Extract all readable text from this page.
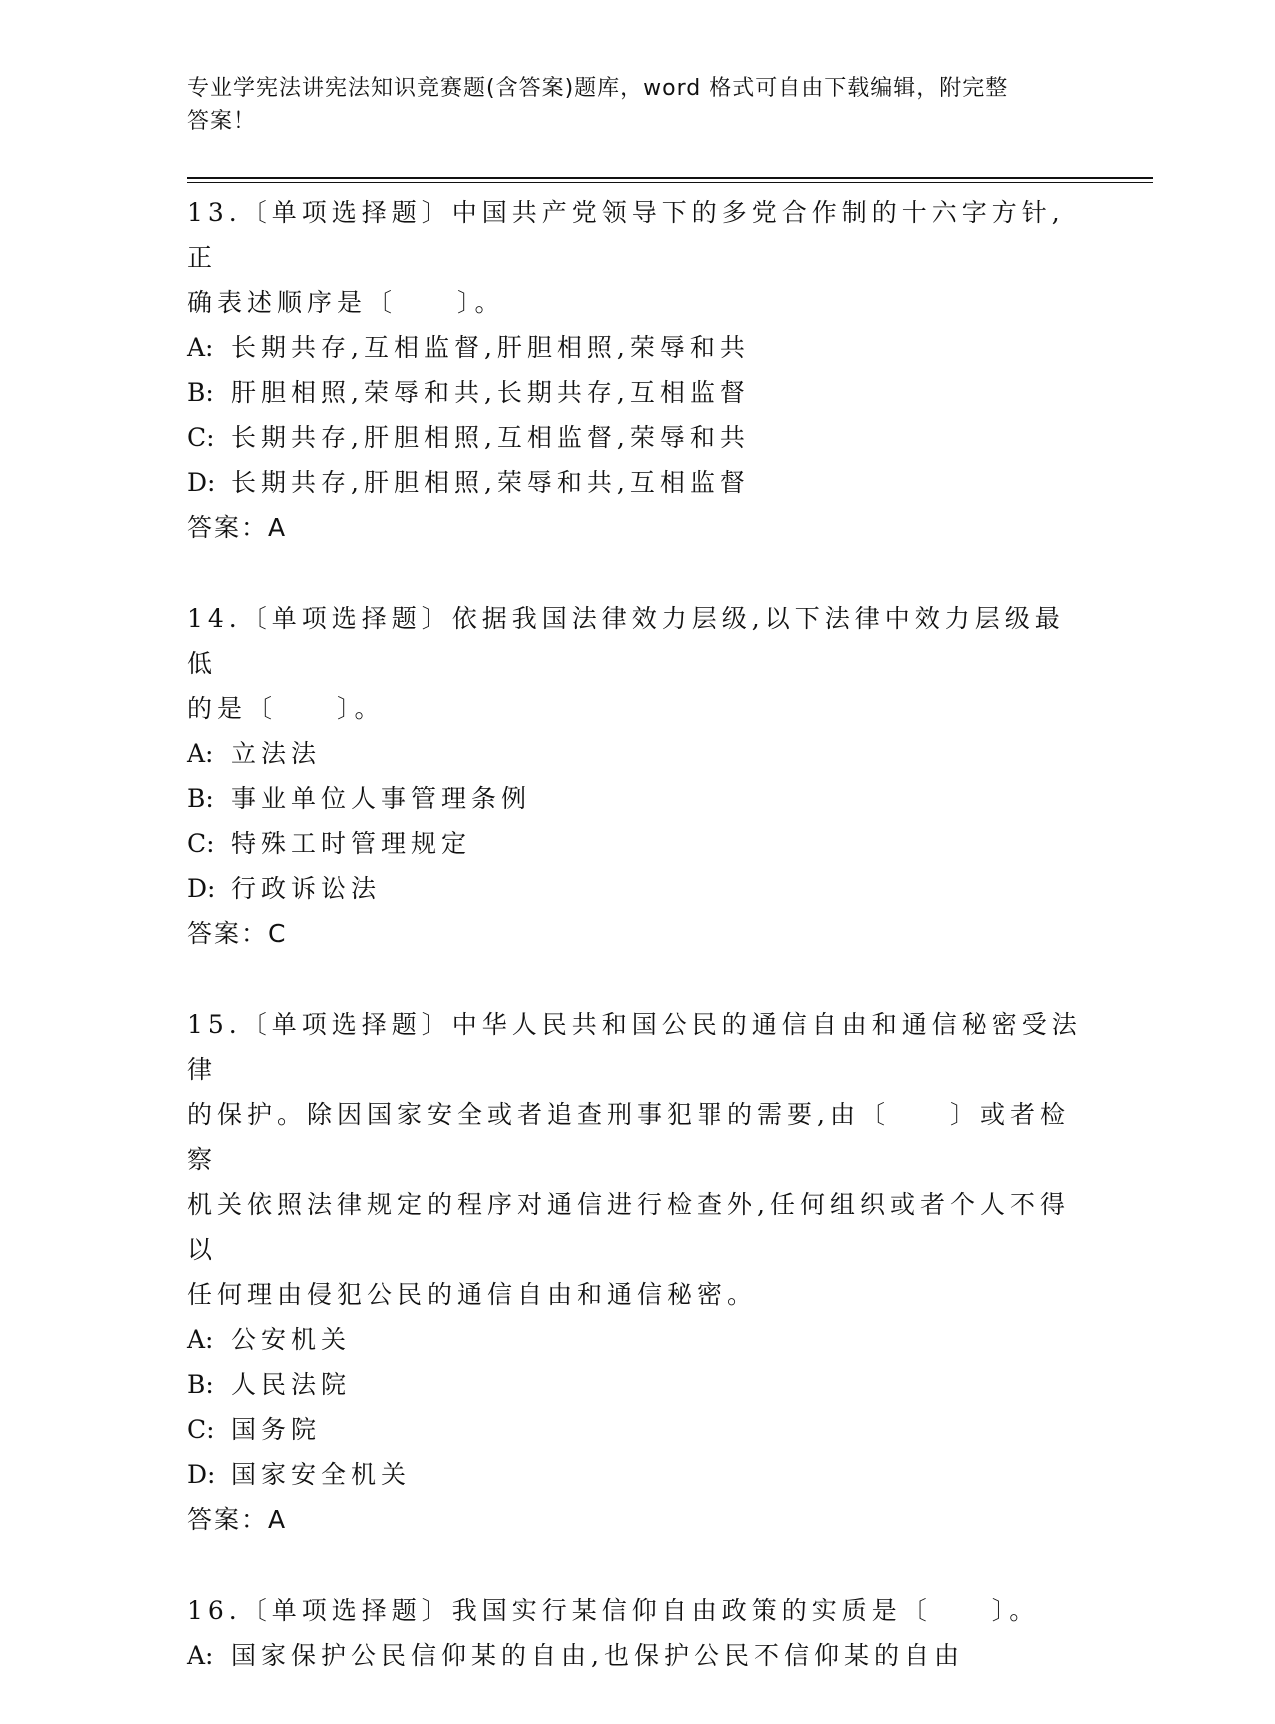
专业学宪法讲宪法知识竞赛题(含答案)题库，word 格式可自由下载编辑，附完整
答案！
13.〔单项选择题〕中国共产党领导下的多党合作制的十六字方针,正
确表述顺序是〔　　〕。
A: 长期共存,互相监督,肝胆相照,荣辱和共
B: 肝胆相照,荣辱和共,长期共存,互相监督
C: 长期共存,肝胆相照,互相监督,荣辱和共
D: 长期共存,肝胆相照,荣辱和共,互相监督
答案：A
14.〔单项选择题〕依据我国法律效力层级,以下法律中效力层级最低
的是〔　　〕。
A: 立法法
B: 事业单位人事管理条例
C: 特殊工时管理规定
D: 行政诉讼法
答案：C
15.〔单项选择题〕中华人民共和国公民的通信自由和通信秘密受法律
的保护。除因国家安全或者追查刑事犯罪的需要,由〔　　〕或者检察
机关依照法律规定的程序对通信进行检查外,任何组织或者个人不得以
任何理由侵犯公民的通信自由和通信秘密。
A: 公安机关
B: 人民法院
C: 国务院
D: 国家安全机关
答案：A
16.〔单项选择题〕我国实行某信仰自由政策的实质是〔　　〕。
A: 国家保护公民信仰某的自由,也保护公民不信仰某的自由
